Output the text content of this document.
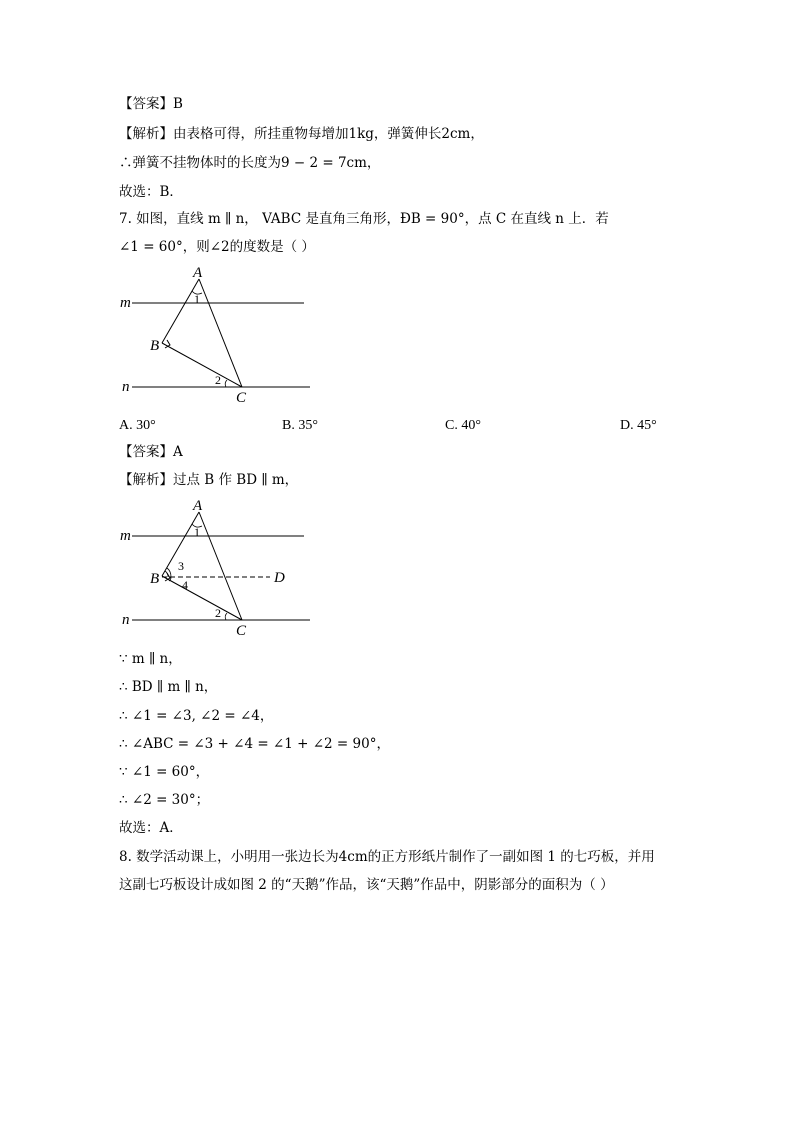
【答案】B
【解析】由表格可得，所挂重物每增加1kg，弹簧伸长2cm，
∴弹簧不挂物体时的长度为9 − 2 = 7cm，
故选：B．
7. 如图，直线 m ∥ n， VABC 是直角三角形，ÐB = 90°，点 C 在直线 n 上．若
∠1 = 60°，则∠2的度数是（ ）
A
B
C
m
n
1
2
A. 30°	B. 35°	C. 40°	D. 45°
【答案】A
【解析】过点 B 作 BD ∥ m，
A
B
C
D
m
n
1
2
3
4
∵ m ∥ n，
∴ BD ∥ m ∥ n，
∴ ∠1 = ∠3, ∠2 = ∠4，
∴ ∠ABC = ∠3 + ∠4 = ∠1 + ∠2 = 90°，
∵ ∠1 = 60°，
∴ ∠2 = 30°；
故选：A．
8. 数学活动课上，小明用一张边长为4cm的正方形纸片制作了一副如图 1 的七巧板，并用
这副七巧板设计成如图 2 的“天鹅”作品，该“天鹅”作品中，阴影部分的面积为（ ）
